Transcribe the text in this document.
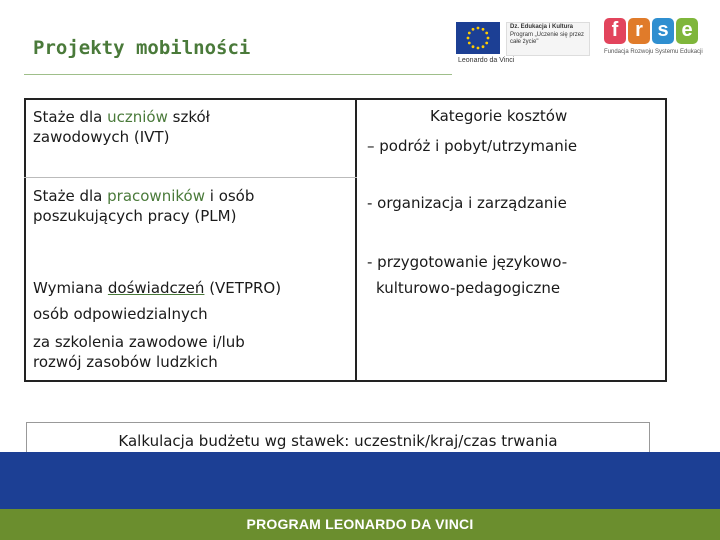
Projekty mobilności
Dz. Edukacja i Kultura
Program „Uczenie się przez całe życie"
Leonardo da Vinci
f r s e
Fundacja Rozwoju Systemu Edukacji
Staże dla uczniów szkół
zawodowych (IVT)
Staże dla pracowników i osób
poszukujących pracy (PLM)
Wymiana doświadczeń (VETPRO)
osób odpowiedzialnych
za szkolenia zawodowe i/lub
rozwój zasobów ludzkich
Kategorie kosztów
– podróż i pobyt/utrzymanie
- organizacja i zarządzanie
- przygotowanie językowo-
kulturowo-pedagogiczne
Kalkulacja budżetu wg stawek: uczestnik/kraj/czas trwania
PROGRAM LEONARDO DA VINCI
